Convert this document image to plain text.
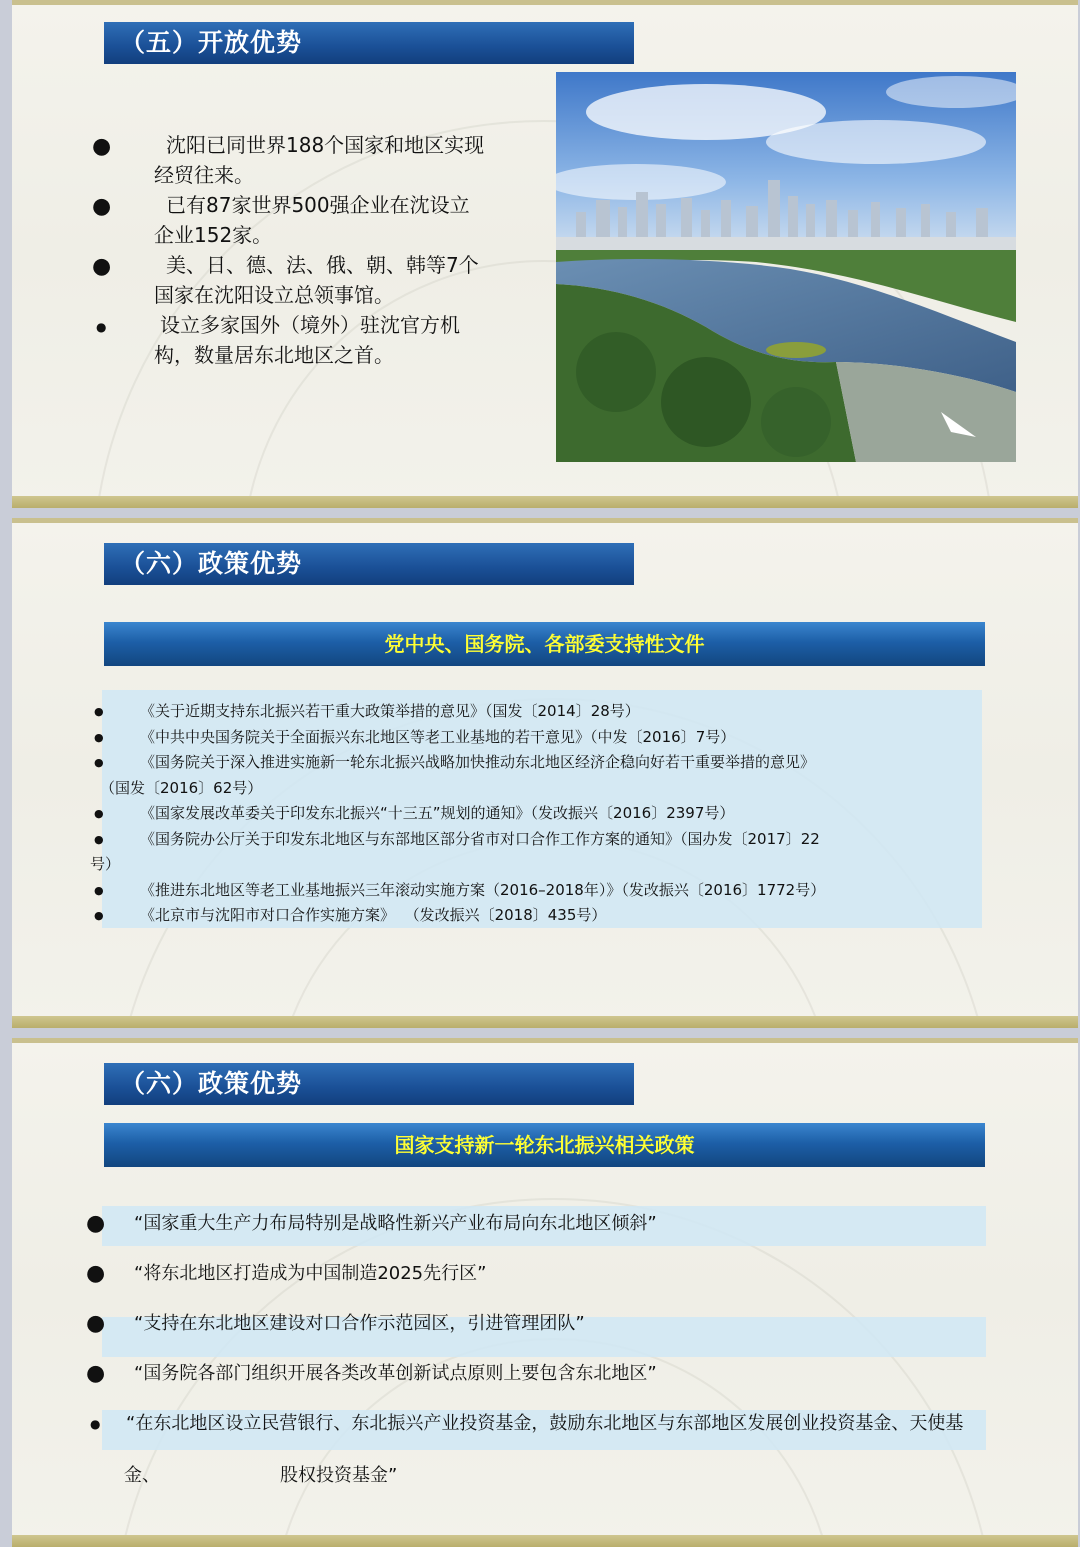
（五）开放优势
●	沈阳已同世界188个国家和地区实现
经贸往来。
●	已有87家世界500强企业在沈设立
企业152家。
●	美、日、德、法、俄、朝、韩等7个
国家在沈阳设立总领事馆。
●	设立多家国外（境外）驻沈官方机
构，数量居东北地区之首。
（六）政策优势
党中央、国务院、各部委支持性文件
● 《关于近期支持东北振兴若干重大政策举措的意见》（国发〔2014〕28号）
● 《中共中央国务院关于全面振兴东北地区等老工业基地的若干意见》（中发〔2016〕7号）
● 《国务院关于深入推进实施新一轮东北振兴战略加快推动东北地区经济企稳向好若干重要举措的意见》
（国发〔2016〕62号）
● 《国家发展改革委关于印发东北振兴“十三五”规划的通知》（发改振兴〔2016〕2397号）
● 《国务院办公厅关于印发东北地区与东部地区部分省市对口合作工作方案的通知》（国办发〔2017〕22
号）
● 《推进东北地区等老工业基地振兴三年滚动实施方案（2016–2018年）》（发改振兴〔2016〕1772号）
● 《北京市与沈阳市对口合作实施方案》 （发改振兴〔2018〕435号）
（六）政策优势
国家支持新一轮东北振兴相关政策
● “国家重大生产力布局特别是战略性新兴产业布局向东北地区倾斜”
● “将东北地区打造成为中国制造2025先行区”
● “支持在东北地区建设对口合作示范园区，引进管理团队”
● “国务院各部门组织开展各类改革创新试点原则上要包含东北地区”
● “在东北地区设立民营银行、东北振兴产业投资基金，鼓励东北地区与东部地区发展创业投资基金、天使基
金、	股权投资基金”
